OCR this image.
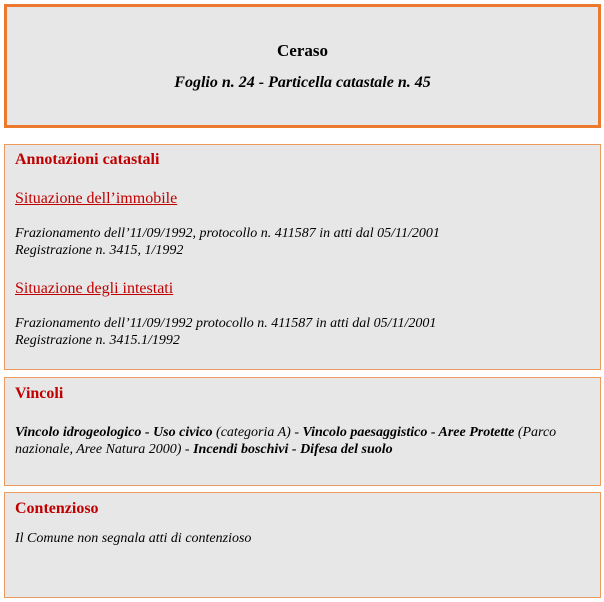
Ceraso
Foglio n. 24 - Particella catastale n. 45
Annotazioni catastali
Situazione dell’immobile
Frazionamento dell’11/09/1992, protocollo n. 411587 in atti dal 05/11/2001
Registrazione n. 3415, 1/1992
Situazione degli intestati
Frazionamento dell’11/09/1992 protocollo n. 411587 in atti dal 05/11/2001
Registrazione n. 3415.1/1992
Vincoli
Vincolo idrogeologico - Uso civico (categoria A) - Vincolo paesaggistico - Aree Protette (Parco nazionale, Aree Natura 2000) - Incendi boschivi - Difesa del suolo
Contenzioso
Il Comune non segnala atti di contenzioso
